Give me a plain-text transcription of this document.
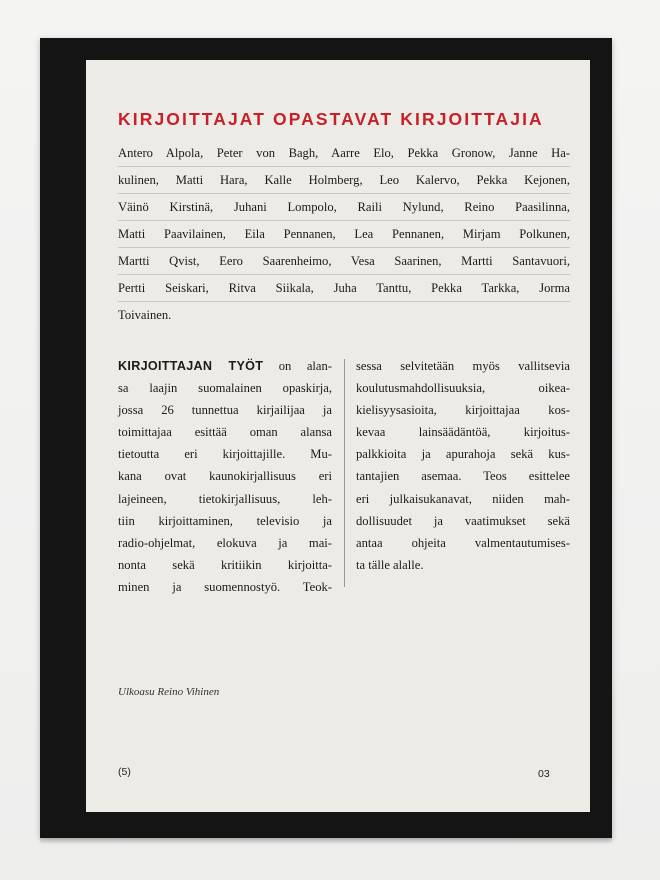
KIRJOITTAJAT OPASTAVAT KIRJOITTAJIA
Antero Alpola, Peter von Bagh, Aarre Elo, Pekka Gronow, Janne Ha-
kulinen, Matti Hara, Kalle Holmberg, Leo Kalervo, Pekka Kejonen,
Väinö Kirstinä, Juhani Lompolo, Raili Nylund, Reino Paasilinna,
Matti Paavilainen, Eila Pennanen, Lea Pennanen, Mirjam Polkunen,
Martti Qvist, Eero Saarenheimo, Vesa Saarinen, Martti Santavuori,
Pertti Seiskari, Ritva Siikala, Juha Tanttu, Pekka Tarkka, Jorma
Toivainen.
KIRJOITTAJAN TYÖT on alan-
sa laajin suomalainen opaskirja,
jossa 26 tunnettua kirjailijaa ja
toimittajaa esittää oman alansa
tietoutta eri kirjoittajille. Mu-
kana ovat kaunokirjallisuus eri
lajeineen, tietokirjallisuus, leh-
tiin kirjoittaminen, televisio ja
radio-ohjelmat, elokuva ja mai-
nonta sekä kritiikin kirjoitta-
minen ja suomennostyö. Teok-
sessa selvitetään myös vallitsevia
koulutusmahdollisuuksia, oikea-
kielisyysasioita, kirjoittajaa kos-
kevaa lainsäädäntöä, kirjoitus-
palkkioita ja apurahoja sekä kus-
tantajien asemaa. Teos esittelee
eri julkaisukanavat, niiden mah-
dollisuudet ja vaatimukset sekä
antaa ohjeita valmentautumises-
ta tälle alalle.
Ulkoasu Reino Vihinen
(5)	03
